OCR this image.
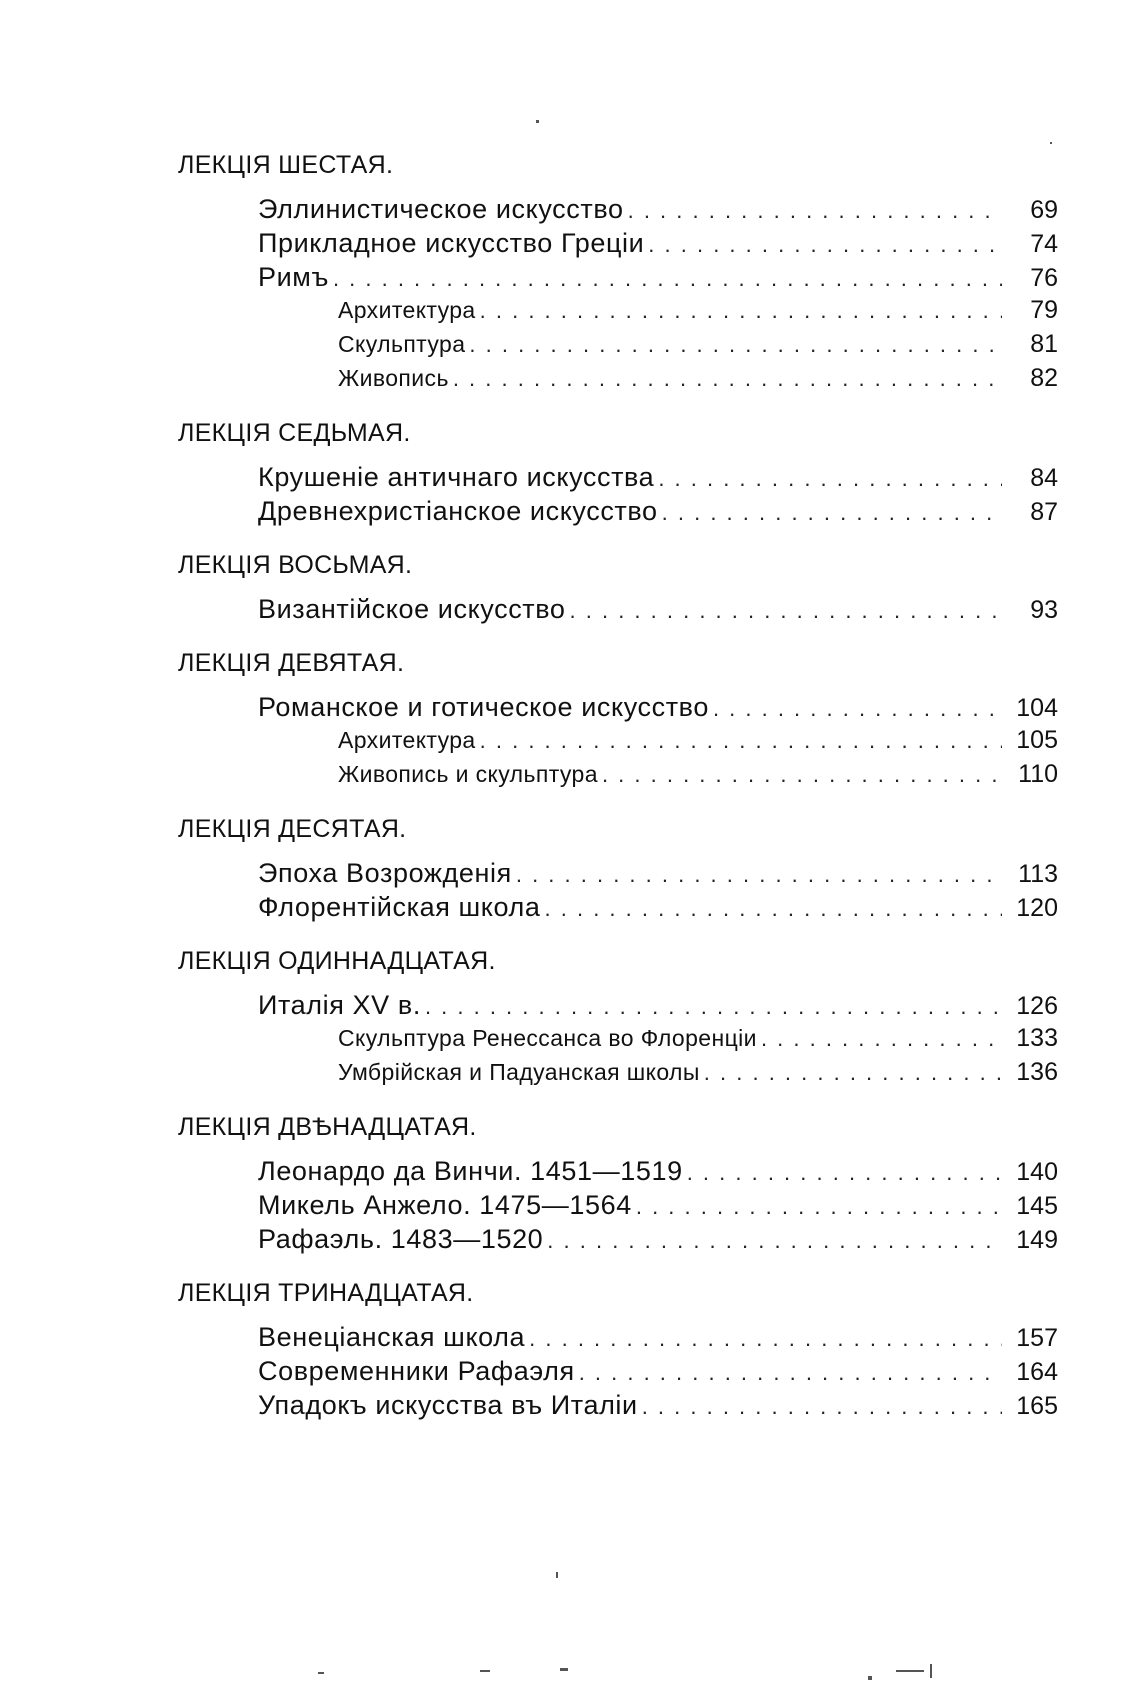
ЛЕКЦІЯ ШЕСТАЯ.
Эллинистическое искусство . . .	69
Прикладное искусство Греціи . . .	74
Римъ . . .	76
Архитектура . . .	79
Скульптура . . .	81
Живопись . . .	82
ЛЕКЦІЯ СЕДЬМАЯ.
Крушеніе античнаго искусства . . .	84
Древнехристіанское искусство . . .	87
ЛЕКЦІЯ ВОСЬМАЯ.
Византійское искусство . . .	93
ЛЕКЦІЯ ДЕВЯТАЯ.
Романское и готическое искусство . . .	104
Архитектура . . .	105
Живопись и скульптура . . .	110
ЛЕКЦІЯ ДЕСЯТАЯ.
Эпоха Возрожденія . . .	113
Флорентійская школа . . .	120
ЛЕКЦІЯ ОДИННАДЦАТАЯ.
Италія XV в. . . .	126
Скульптура Ренессанса во Флоренціи . . .	133
Умбрійская и Падуанская школы . . .	136
ЛЕКЦІЯ ДВѢНАДЦАТАЯ.
Леонардо да Винчи. 1451—1519 . . .	140
Микель Анжело. 1475—1564 . . .	145
Рафаэль. 1483—1520 . . .	149
ЛЕКЦІЯ ТРИНАДЦАТАЯ.
Венеціанская школа . . .	157
Современники Рафаэля . . .	164
Упадокъ искусства въ Италіи . . .	165
